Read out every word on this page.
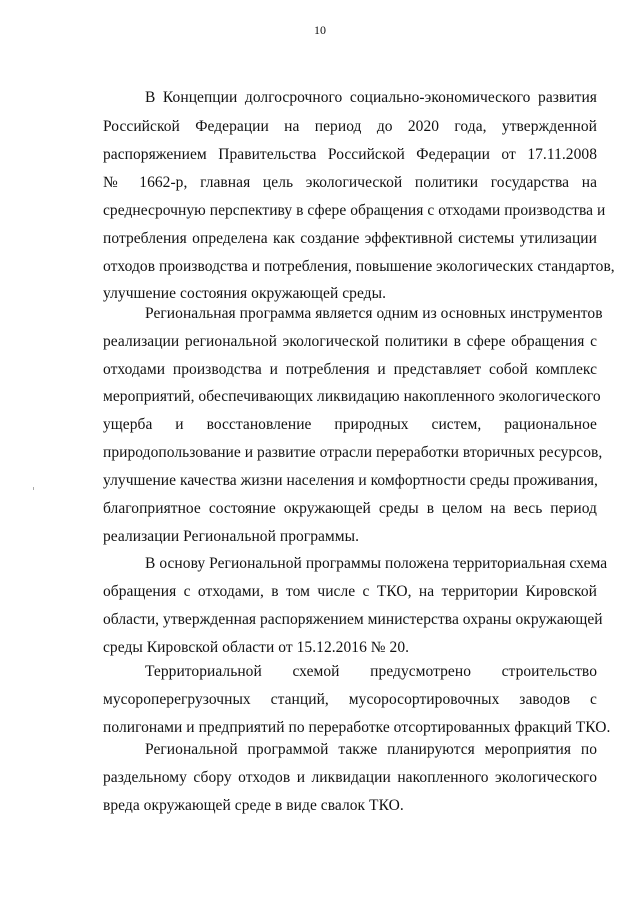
10
В Концепции долгосрочного социально-экономического развития
Российской Федерации на период до 2020 года, утвержденной
распоряжением Правительства Российской Федерации от 17.11.2008
№ 1662-р, главная цель экологической политики государства на
среднесрочную перспективу в сфере обращения с отходами производства и
потребления определена как создание эффективной системы утилизации
отходов производства и потребления, повышение экологических стандартов,
улучшение состояния окружающей среды.
Региональная программа является одним из основных инструментов
реализации региональной экологической политики в сфере обращения с
отходами производства и потребления и представляет собой комплекс
мероприятий, обеспечивающих ликвидацию накопленного экологического
ущерба и восстановление природных систем, рациональное
природопользование и развитие отрасли переработки вторичных ресурсов,
улучшение качества жизни населения и комфортности среды проживания,
благоприятное состояние окружающей среды в целом на весь период
реализации Региональной программы.
В основу Региональной программы положена территориальная схема
обращения с отходами, в том числе с ТКО, на территории Кировской
области, утвержденная распоряжением министерства охраны окружающей
среды Кировской области от 15.12.2016 № 20.
Территориальной схемой предусмотрено строительство
мусороперегрузочных станций, мусоросортировочных заводов с
полигонами и предприятий по переработке отсортированных фракций ТКО.
Региональной программой также планируются мероприятия по
раздельному сбору отходов и ликвидации накопленного экологического
вреда окружающей среде в виде свалок ТКО.
